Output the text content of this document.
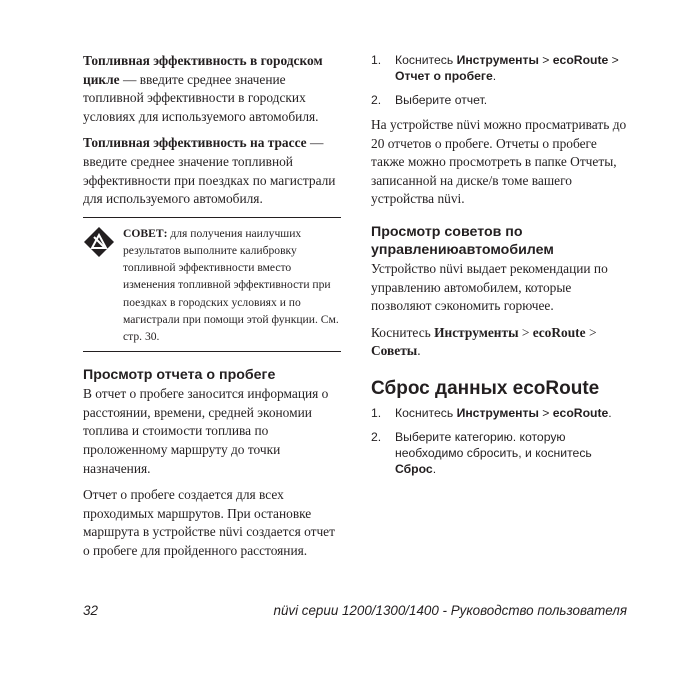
Топливная эффективность в городском цикле — введите среднее значение топливной эффективности в городских условиях для используемого автомобиля.

Топливная эффективность на трассе — введите среднее значение топливной эффективности при поездках по магистрали для используемого автомобиля.

СОВЕТ: для получения наилучших результатов выполните калибровку топливной эффективности вместо изменения топливной эффективности при поездках в городских условиях и по магистрали при помощи этой функции. См. стр. 30.
Просмотр отчета о пробеге

В отчет о пробеге заносится информация о расстоянии, времени, средней экономии топлива и стоимости топлива по проложенному маршруту до точки назначения.

Отчет о пробеге создается для всех проходимых маршрутов. При остановке маршрута в устройстве nüvi создается отчет о пробеге для пройденного расстояния.

1.	Коснитесь Инструменты > ecoRoute > Отчет о пробеге.
2.	Выберите отчет.

На устройстве nüvi можно просматривать до 20 отчетов о пробеге. Отчеты о пробеге также можно просмотреть в папке Отчеты, записанной на диске/в томе вашего устройства nüvi.

Просмотр советов по управлениюавтомобилем

Устройство nüvi выдает рекомендации по управлению автомобилем, которые позволяют сэкономить горючее.

Коснитесь Инструменты > ecoRoute > Советы.

Сброс данных ecoRoute
1.	Коснитесь Инструменты > ecoRoute.
2.	Выберите категорию. которую необходимо сбросить, и коснитесь Сброс.
32	nüvi серии 1200/1300/1400 - Руководство пользователя
